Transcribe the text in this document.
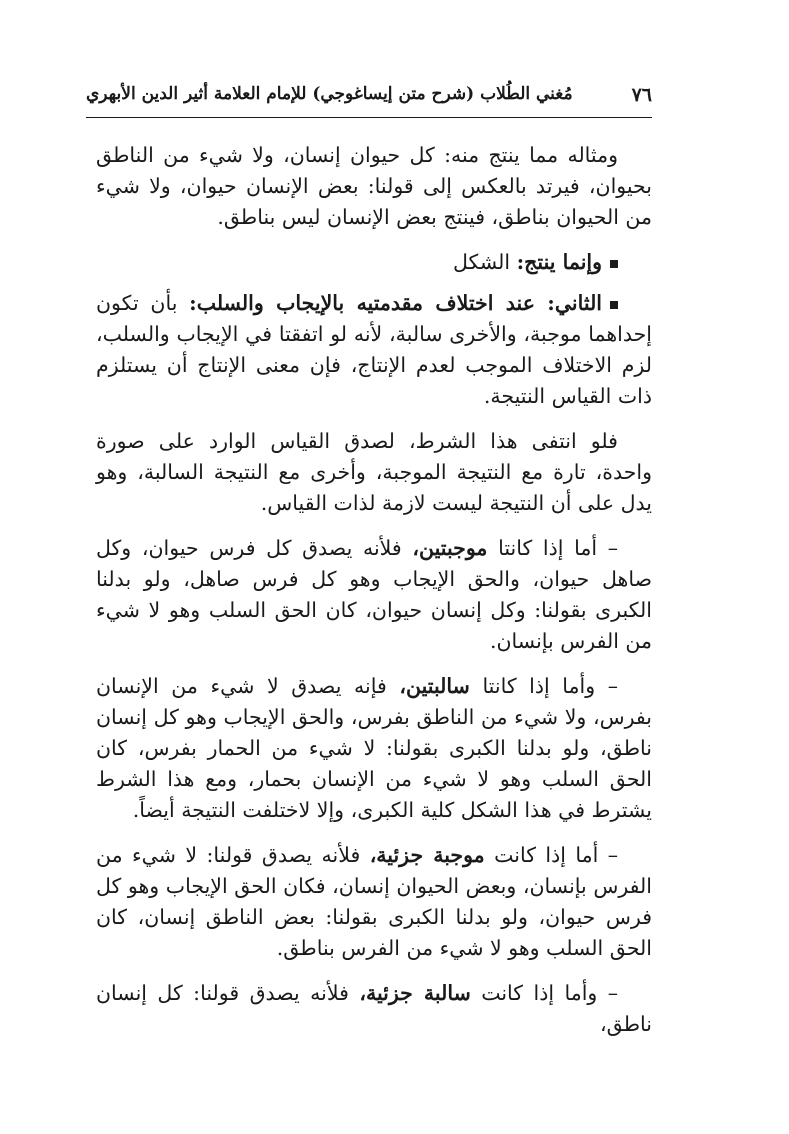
٧٦
مُغني الطُلاب (شرح متن إيساغوجي) للإمام العلامة أثير الدين الأبهري

ومثاله مما ينتج منه: كل حيوان إنسان، ولا شيء من الناطق بحيوان، فيرتد بالعكس إلى قولنا: بعض الإنسان حيوان، ولا شيء من الحيوان بناطق، فينتج بعض الإنسان ليس بناطق.

وإنما ينتج: الشكل

الثاني: عند اختلاف مقدمتيه بالإيجاب والسلب: بأن تكون إحداهما موجبة، والأخرى سالبة، لأنه لو اتفقتا في الإيجاب والسلب، لزم الاختلاف الموجب لعدم الإنتاج، فإن معنى الإنتاج أن يستلزم ذات القياس النتيجة.

فلو انتفى هذا الشرط، لصدق القياس الوارد على صورة واحدة، تارة مع النتيجة الموجبة، وأخرى مع النتيجة السالبة، وهو يدل على أن النتيجة ليست لازمة لذات القياس.

– أما إذا كانتا موجبتين، فلأنه يصدق كل فرس حيوان، وكل صاهل حيوان، والحق الإيجاب وهو كل فرس صاهل، ولو بدلنا الكبرى بقولنا: وكل إنسان حيوان، كان الحق السلب وهو لا شيء من الفرس بإنسان.

– وأما إذا كانتا سالبتين، فإنه يصدق لا شيء من الإنسان بفرس، ولا شيء من الناطق بفرس، والحق الإيجاب وهو كل إنسان ناطق، ولو بدلنا الكبرى بقولنا: لا شيء من الحمار بفرس، كان الحق السلب وهو لا شيء من الإنسان بحمار، ومع هذا الشرط يشترط في هذا الشكل كلية الكبرى، وإلا لاختلفت النتيجة أيضاً.

– أما إذا كانت موجبة جزئية، فلأنه يصدق قولنا: لا شيء من الفرس بإنسان، وبعض الحيوان إنسان، فكان الحق الإيجاب وهو كل فرس حيوان، ولو بدلنا الكبرى بقولنا: بعض الناطق إنسان، كان الحق السلب وهو لا شيء من الفرس بناطق.

– وأما إذا كانت سالبة جزئية، فلأنه يصدق قولنا: كل إنسان ناطق،
